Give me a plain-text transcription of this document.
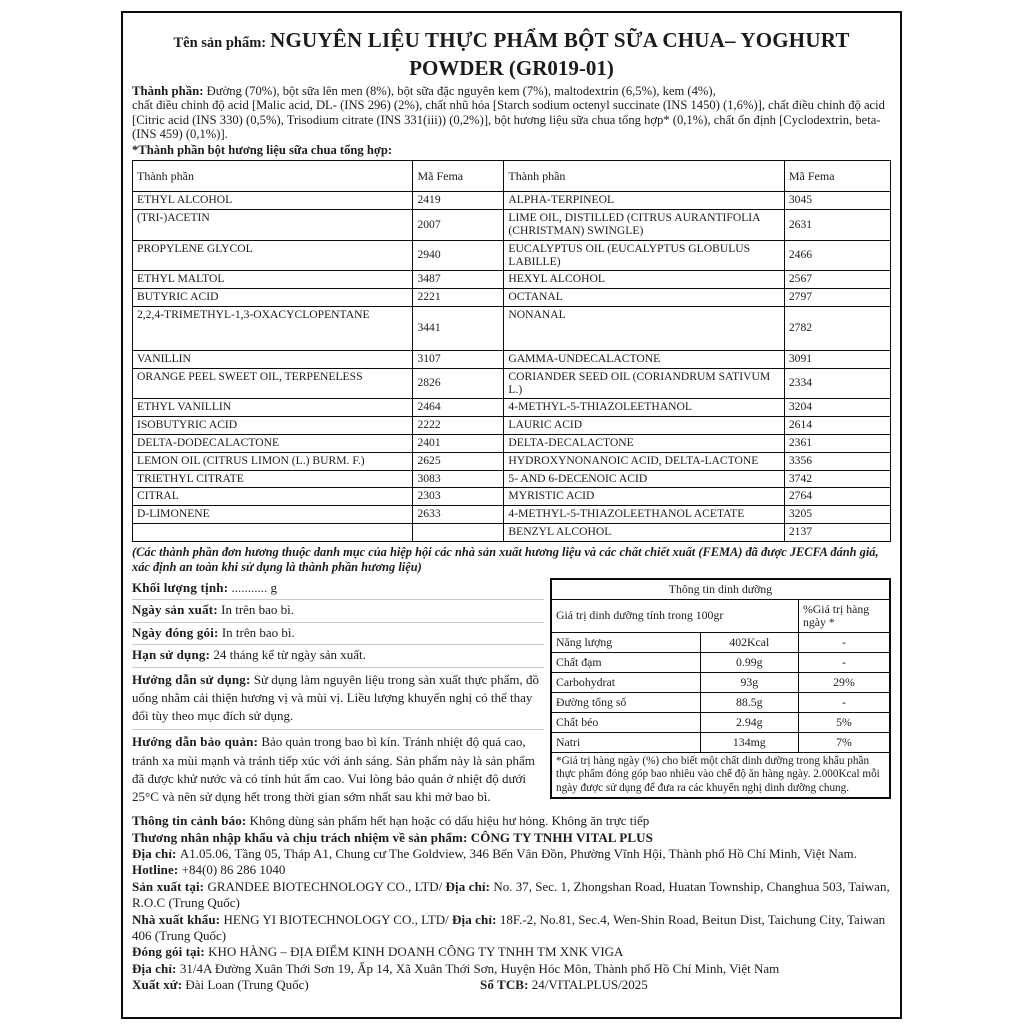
Tên sản phẩm: NGUYÊN LIỆU THỰC PHẨM BỘT SỮA CHUA– YOGHURT
POWDER (GR019-01)

Thành phần: Đường (70%), bột sữa lên men (8%), bột sữa đặc nguyên kem (7%), maltodextrin (6,5%), kem (4%),
chất điều chỉnh độ acid [Malic acid, DL- (INS 296) (2%), chất nhũ hóa [Starch sodium octenyl succinate (INS 1450) (1,6%)], chất điều chỉnh độ acid [Citric acid (INS 330) (0,5%), Trisodium citrate (INS 331(iii)) (0,2%)], bột hương liệu sữa chua tổng hợp* (0,1%), chất ổn định [Cyclodextrin, beta- (INS 459) (0,1%)].

*Thành phần bột hương liệu sữa chua tổng hợp:
Thành phần	Mã Fema	Thành phần	Mã Fema
ETHYL ALCOHOL	2419	ALPHA-TERPINEOL	3045
(TRI-)ACETIN	2007	LIME OIL, DISTILLED (CITRUS AURANTIFOLIA (CHRISTMAN) SWINGLE)	2631
PROPYLENE GLYCOL	2940	EUCALYPTUS OIL (EUCALYPTUS GLOBULUS LABILLE)	2466
ETHYL MALTOL	3487	HEXYL ALCOHOL	2567
BUTYRIC ACID	2221	OCTANAL	2797
2,2,4-TRIMETHYL-1,3-OXACYCLOPENTANE	3441	NONANAL	2782
VANILLIN	3107	GAMMA-UNDECALACTONE	3091
ORANGE PEEL SWEET OIL, TERPENELESS	2826	CORIANDER SEED OIL (CORIANDRUM SATIVUM L.)	2334
ETHYL VANILLIN	2464	4-METHYL-5-THIAZOLEETHANOL	3204
ISOBUTYRIC ACID	2222	LAURIC ACID	2614
DELTA-DODECALACTONE	2401	DELTA-DECALACTONE	2361
LEMON OIL (CITRUS LIMON (L.) BURM. F.)	2625	HYDROXYNONANOIC ACID, DELTA-LACTONE	3356
TRIETHYL CITRATE	3083	5- AND 6-DECENOIC ACID	3742
CITRAL	2303	MYRISTIC ACID	2764
D-LIMONENE	2633	4-METHYL-5-THIAZOLEETHANOL ACETATE	3205
		BENZYL ALCOHOL	2137

(Các thành phần đơn hương thuộc danh mục của hiệp hội các nhà sản xuất hương liệu và các chất chiết xuất (FEMA) đã được JECFA đánh giá, xác định an toàn khi sử dụng là thành phần hương liệu)

Khối lượng tịnh: ........... g
Ngày sản xuất: In trên bao bì.
Ngày đóng gói: In trên bao bì.
Hạn sử dụng: 24 tháng kể từ ngày sản xuất.
Hướng dẫn sử dụng: Sử dụng làm nguyên liệu trong sản xuất thực phẩm, đồ uống nhằm cải thiện hương vị và mùi vị. Liều lượng khuyến nghị có thể thay đổi tùy theo mục đích sử dụng.
Hướng dẫn bảo quản: Bảo quản trong bao bì kín. Tránh nhiệt độ quá cao, tránh xa mùi mạnh và tránh tiếp xúc với ánh sáng. Sản phẩm này là sản phẩm đã được khử nước và có tính hút ẩm cao. Vui lòng bảo quản ở nhiệt độ dưới 25°C và nên sử dụng hết trong thời gian sớm nhất sau khi mở bao bì.
Thông tin dinh dưỡng		
Giá trị dinh dưỡng tính trong 100gr		%Giá trị hàng ngày *
Năng lượng	402Kcal	-
Chất đạm	0.99g	-
Carbohydrat	93g	29%
Đường tổng số	88.5g	-
Chất béo	2.94g	5%
Natri	134mg	7%
*Giá trị hàng ngày (%) cho biết một chất dinh dưỡng trong khẩu phần thực phẩm đóng góp bao nhiêu vào chế độ ăn hàng ngày. 2.000Kcal mỗi ngày được sử dụng để đưa ra các khuyến nghị dinh dưỡng chung.		
Thông tin cảnh báo: Không dùng sản phẩm hết hạn hoặc có dấu hiệu hư hỏng. Không ăn trực tiếp
Thương nhân nhập khẩu và chịu trách nhiệm về sản phẩm: CÔNG TY TNHH VITAL PLUS
Địa chỉ: A1.05.06, Tầng 05, Tháp A1, Chung cư The Goldview, 346 Bến Vân Đồn, Phường Vĩnh Hội, Thành phố Hồ Chí Minh, Việt Nam.
Hotline: +84(0) 86 286 1040
Sản xuất tại: GRANDEE BIOTECHNOLOGY CO., LTD/ Địa chỉ: No. 37, Sec. 1, Zhongshan Road, Huatan Township, Changhua 503, Taiwan, R.O.C (Trung Quốc)
Nhà xuất khẩu: HENG YI BIOTECHNOLOGY CO., LTD/ Địa chỉ: 18F.-2, No.81, Sec.4, Wen-Shin Road, Beitun Dist, Taichung City, Taiwan 406 (Trung Quốc)
Đóng gói tại: KHO HÀNG – ĐỊA ĐIỂM KINH DOANH CÔNG TY TNHH TM XNK VIGA
Địa chỉ: 31/4A Đường Xuân Thới Sơn 19, Ấp 14, Xã Xuân Thới Sơn, Huyện Hóc Môn, Thành phố Hồ Chí Minh, Việt Nam
Xuất xứ: Đài Loan (Trung Quốc)	Số TCB: 24/VITALPLUS/2025
